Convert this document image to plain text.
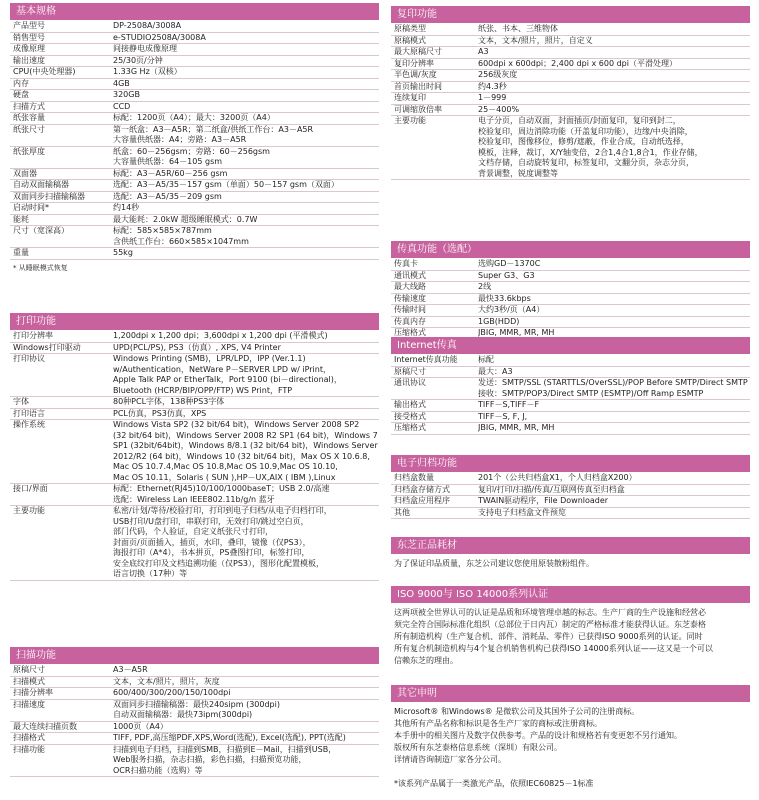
基本规格
产品型号	DP-2508A/3008A
销售型号	e-STUDIO2508A/3008A
成像原理	间接静电成像原理
输出速度	25/30页/分钟
CPU(中央处理器)	1.33G Hz（双核）
内存	4GB
硬盘	320GB
扫描方式	CCD
纸张容量	标配：1200页（A4）；最大：3200页（A4）
纸张尺寸	第一纸盒：A3－A5R；第二纸盒/供纸工作台：A3－A5R
大容量供纸器：A4；旁路：A3－A5R
纸张厚度	纸盒：60－256gsm；旁路：60－256gsm
大容量供纸器：64－105 gsm
双面器	标配：A3－A5R/60－256 gsm
自动双面输稿器	选配：A3－A5/35－157 gsm（单面）50－157 gsm（双面）
双面同步扫描输稿器	选配：A3－A5/35－209 gsm
启动时间*	约14秒
能耗	最大能耗：2.0kW 超级睡眠模式：0.7W
尺寸（宽深高）	标配：585×585×787mm
含供纸工作台：660×585×1047mm
重量	55kg
* 从睡眠模式恢复
打印功能
打印分辨率	1,200dpi x 1,200 dpi；3,600dpi x 1,200 dpi (平滑模式)
Windows打印驱动	UPD(PCL/PS), PS3（仿真）, XPS, V4 Printer
打印协议	Windows Printing (SMB)，LPR/LPD，IPP (Ver.1.1)
w/Authentication，NetWare P－SERVER LPD w/ iPrint，
Apple Talk PAP or EtherTalk，Port 9100 (bi－directional)，
Bluetooth (HCRP/BIP/OPP/FTP) WS Print，FTP
字体	80种PCL字体，138种PS3字体
打印语言	PCL仿真，PS3仿真，XPS
操作系统	Windows Vista SP2 (32 bit/64 bit)，Windows Server 2008 SP2
(32 bit/64 bit)，Windows Server 2008 R2 SP1 (64 bit)，Windows 7
SP1 (32bit/64bit)，Windows 8/8.1 (32 bit/64 bit)，Windows Server
2012/R2 (64 bit)，Windows 10 (32 bit/64 bit)，Max OS X 10.6.8,
Mac OS 10.7.4,Mac OS 10.8,Mac OS 10.9,Mac OS 10.10,
Mac OS 10.11，Solaris ( SUN ),HP－UX,AIX ( IBM ),Linux
接口/界面	标配：Ethernet(RJ45)10/100/1000baseT；USB 2.0/高速
选配：Wireless Lan IEEE802.11b/g/n 蓝牙
主要功能	私密/计划/等待/校验打印，打印到电子归档/从电子归档打印，
USB打印/U盘打印，串联打印，无效打印/跳过空白页，
部门代码，个人验证，自定义纸张尺寸打印，
封面页/页面插入，插页，水印，叠印，镜像（仅PS3），
海报打印（A*4），书本拼页，PS叠图打印，标签打印，
安全底纹打印及文档追溯功能（仅PS3），图形化配置模板，
语言切换（17种）等
扫描功能
原稿尺寸	A3－A5R
扫描模式	文本，文本/照片，照片，灰度
扫描分辨率	600/400/300/200/150/100dpi
扫描速度	双面同步扫描输稿器：最快240sipm (300dpi)
自动双面输稿器：最快73ipm(300dpi)
最大连续扫描页数	1000页（A4）
扫描格式	TIFF, PDF,高压缩PDF,XPS,Word(选配), Excel(选配), PPT(选配)
扫描功能	扫描到电子归档，扫描到SMB，扫描到E－Mail，扫描到USB，
Web服务扫描，杂志扫描，彩色扫描，扫描预览功能，
OCR扫描功能（选购）等
复印功能
原稿类型	纸张、书本、三维物体
原稿模式	文本，文本/照片，照片，自定义
最大原稿尺寸	A3
复印分辨率	600dpi x 600dpi；2,400 dpi x 600 dpi（平滑处理）
半色调/灰度	256级灰度
首页输出时间	约4.3秒
连续复印	1－999
可调缩放倍率	25－400%
主要功能	电子分页，自动双面，封面插页/封面复印，复印到封二，
校验复印，周边消除功能（开盖复印功能），边缘/中央消除，
校验复印，图像移位，修剪/遮蔽，作业合成，自动纸选择，
模板，注释，裁订，X/Y轴变倍，2合1,4合1,8合1，作业存储，
文档存储，自动旋转复印，标签复印，文翻分页，杂志分页，
背景调整，锐度调整等
传真功能（选配）
传真卡	选购GD－1370C
通讯模式	Super G3、G3
最大线路	2线
传输速度	最快33.6kbps
传输时间	大约3秒/页（A4）
传真内存	1GB(HDD)
压缩格式	JBIG, MMR, MR, MH
Internet传真
Internet传真功能	标配
原稿尺寸	最大：A3
通讯协议	发送：SMTP/SSL (STARTTLS/OverSSL)/POP Before SMTP/Direct SMTP
接收：SMTP/POP3/Direct SMTP (ESMTP)/Off Ramp ESMTP
输出格式	TIFF－S,TIFF－F
接受格式	TIFF－S, F, J,
压缩格式	JBIG, MMR, MR, MH
电子归档功能
归档盒数量	201个（公共归档盒X1，个人归档盒X200）
归档盒存储方式	复印/打印/扫描/传真/互联网传真至归档盒
归档盒应用程序	TWAIN驱动程序，File Downloader
其他	支持电子归档盒文件预览
东芝正品耗材
为了保证印品质量，东芝公司建议您使用原装散粉组件。
ISO 9000与 ISO 14000系列认证
这两项被全世界认可的认证是品质和环境管理卓越的标志。生产厂商的生产设施和经营必
须完全符合国际标准化组织（总部位于日内瓦）制定的严格标准才能获得认证。东芝泰格
所有制造机构（生产复合机、部件、消耗品、零件）已获得ISO 9000系列的认证。同时
所有复合机制造机构与4个复合机销售机构已获得ISO 14000系列认证——这又是一个可以
信赖东芝的理由。
其它申明
Microsoft® 和Windows® 是微软公司及其国外子公司的注册商标。
其他所有产品名称和标识是各生产厂家的商标或注册商标。
本手册中的相关图片及数字仅供参考。产品的设计和规格若有变更恕不另行通知。
版权所有东芝泰格信息系统（深圳）有限公司。
详情请咨询制造厂家各分公司。
*该系列产品属于一类激光产品，依照IEC60825－1标准
